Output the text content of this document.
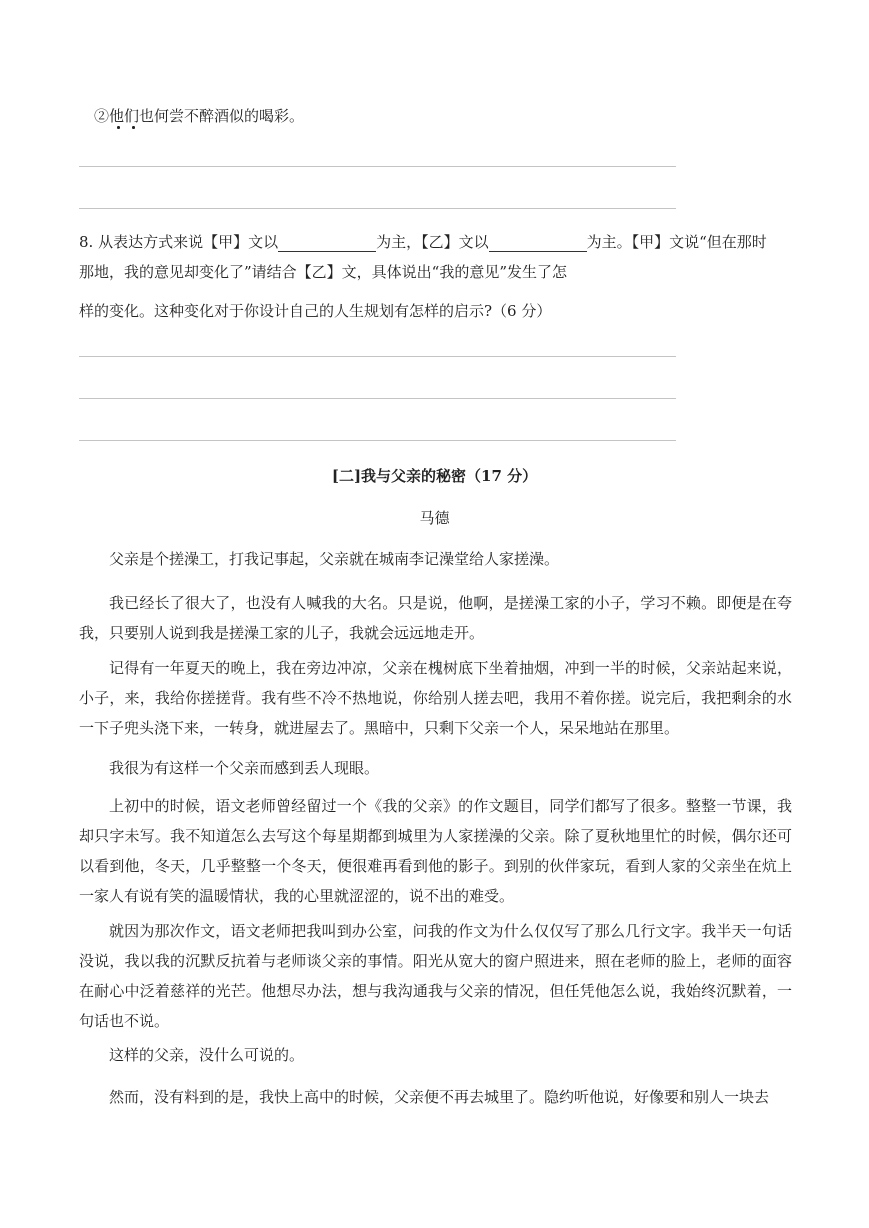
②他们也何尝不醉酒似的喝彩。
8. 从表达方式来说【甲】文以	为主，【乙】文以	为主。【甲】文说“但在那时
那地，我的意见却变化了”请结合【乙】文，具体说出“我的意见”发生了怎
样的变化。这种变化对于你设计自己的人生规划有怎样的启示?（6 分）
[二]我与父亲的秘密（17 分）
马德
父亲是个搓澡工，打我记事起，父亲就在城南李记澡堂给人家搓澡。
我已经长了很大了，也没有人喊我的大名。只是说，他啊，是搓澡工家的小子，学习不赖。即便是在夸我，只要别人说到我是搓澡工家的儿子，我就会远远地走开。
记得有一年夏天的晚上，我在旁边冲凉，父亲在槐树底下坐着抽烟，冲到一半的时候，父亲站起来说，小子，来，我给你搓搓背。我有些不冷不热地说，你给别人搓去吧，我用不着你搓。说完后，我把剩余的水一下子兜头浇下来，一转身，就进屋去了。黑暗中，只剩下父亲一个人，呆呆地站在那里。
我很为有这样一个父亲而感到丢人现眼。
上初中的时候，语文老师曾经留过一个《我的父亲》的作文题目，同学们都写了很多。整整一节课，我却只字未写。我不知道怎么去写这个每星期都到城里为人家搓澡的父亲。除了夏秋地里忙的时候，偶尔还可以看到他，冬天，几乎整整一个冬天，便很难再看到他的影子。到别的伙伴家玩，看到人家的父亲坐在炕上一家人有说有笑的温暖情状，我的心里就涩涩的，说不出的难受。
就因为那次作文，语文老师把我叫到办公室，问我的作文为什么仅仅写了那么几行文字。我半天一句话没说，我以我的沉默反抗着与老师谈父亲的事情。阳光从宽大的窗户照进来，照在老师的脸上，老师的面容在耐心中泛着慈祥的光芒。他想尽办法，想与我沟通我与父亲的情况，但任凭他怎么说，我始终沉默着，一句话也不说。
这样的父亲，没什么可说的。
然而，没有料到的是，我快上高中的时候，父亲便不再去城里了。隐约听他说，好像要和别人一块去
